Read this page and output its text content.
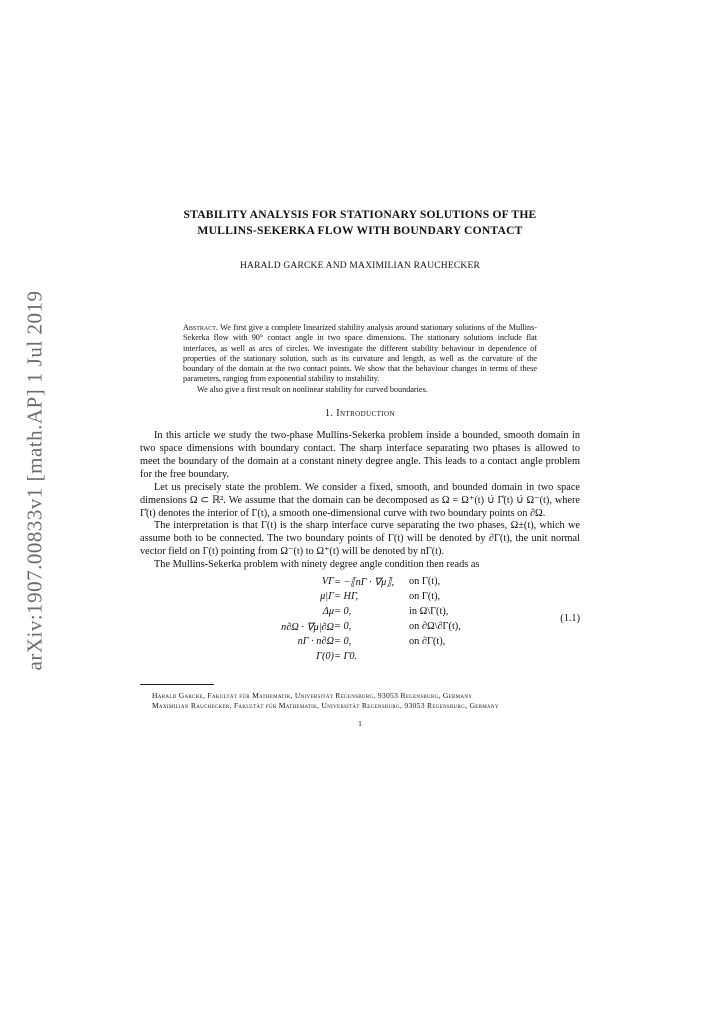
arXiv:1907.00833v1 [math.AP] 1 Jul 2019

STABILITY ANALYSIS FOR STATIONARY SOLUTIONS OF THE
MULLINS-SEKERKA FLOW WITH BOUNDARY CONTACT

HARALD GARCKE AND MAXIMILIAN RAUCHECKER

Abstract. We first give a complete linearized stability analysis around stationary solutions of the Mullins-Sekerka flow with 90° contact angle in two space dimensions. The stationary solutions include flat interfaces, as well as arcs of circles. We investigate the different stability behaviour in dependence of properties of the stationary solution, such as its curvature and length, as well as the curvature of the boundary of the domain at the two contact points. We show that the behaviour changes in terms of these parameters, ranging from exponential stability to instability.

We also give a first result on nonlinear stability for curved boundaries.

1. Introduction

In this article we study the two-phase Mullins-Sekerka problem inside a bounded, smooth domain in two space dimensions with boundary contact. The sharp interface separating two phases is allowed to meet the boundary of the domain at a constant ninety degree angle. This leads to a contact angle problem for the free boundary.

Let us precisely state the problem. We consider a fixed, smooth, and bounded domain in two space dimensions Ω ⊂ ℝ². We assume that the domain can be decomposed as Ω = Ω⁺(t) ∪̇ Γ̊(t) ∪̇ Ω⁻(t), where Γ̊(t) denotes the interior of Γ(t), a smooth one-dimensional curve with two boundary points on ∂Ω.

The interpretation is that Γ(t) is the sharp interface curve separating the two phases, Ω±(t), which we assume both to be connected. The two boundary points of Γ(t) will be denoted by ∂Γ(t), the unit normal vector field on Γ(t) pointing from Ω⁻(t) to Ω⁺(t) will be denoted by nΓ(t).

The Mullins-Sekerka problem with ninety degree angle condition then reads as

VΓ = −⟦nΓ · ∇μ⟧, on Γ(t),
μ|Γ = HΓ,	on Γ(t),
Δμ = 0,	in Ω\Γ(t),
n∂Ω · ∇μ|∂Ω = 0,	on ∂Ω\∂Γ(t),
nΓ · n∂Ω = 0,	on ∂Γ(t),
Γ(0) = Γ0.
(1.1)

Harald Garcke, Fakultät für Mathematik, Universität Regensburg, 93053 Regensburg, Germany

Maximilian Rauchecker, Fakultät für Mathematik, Universität Regensburg, 93053 Regensburg, Germany

1
